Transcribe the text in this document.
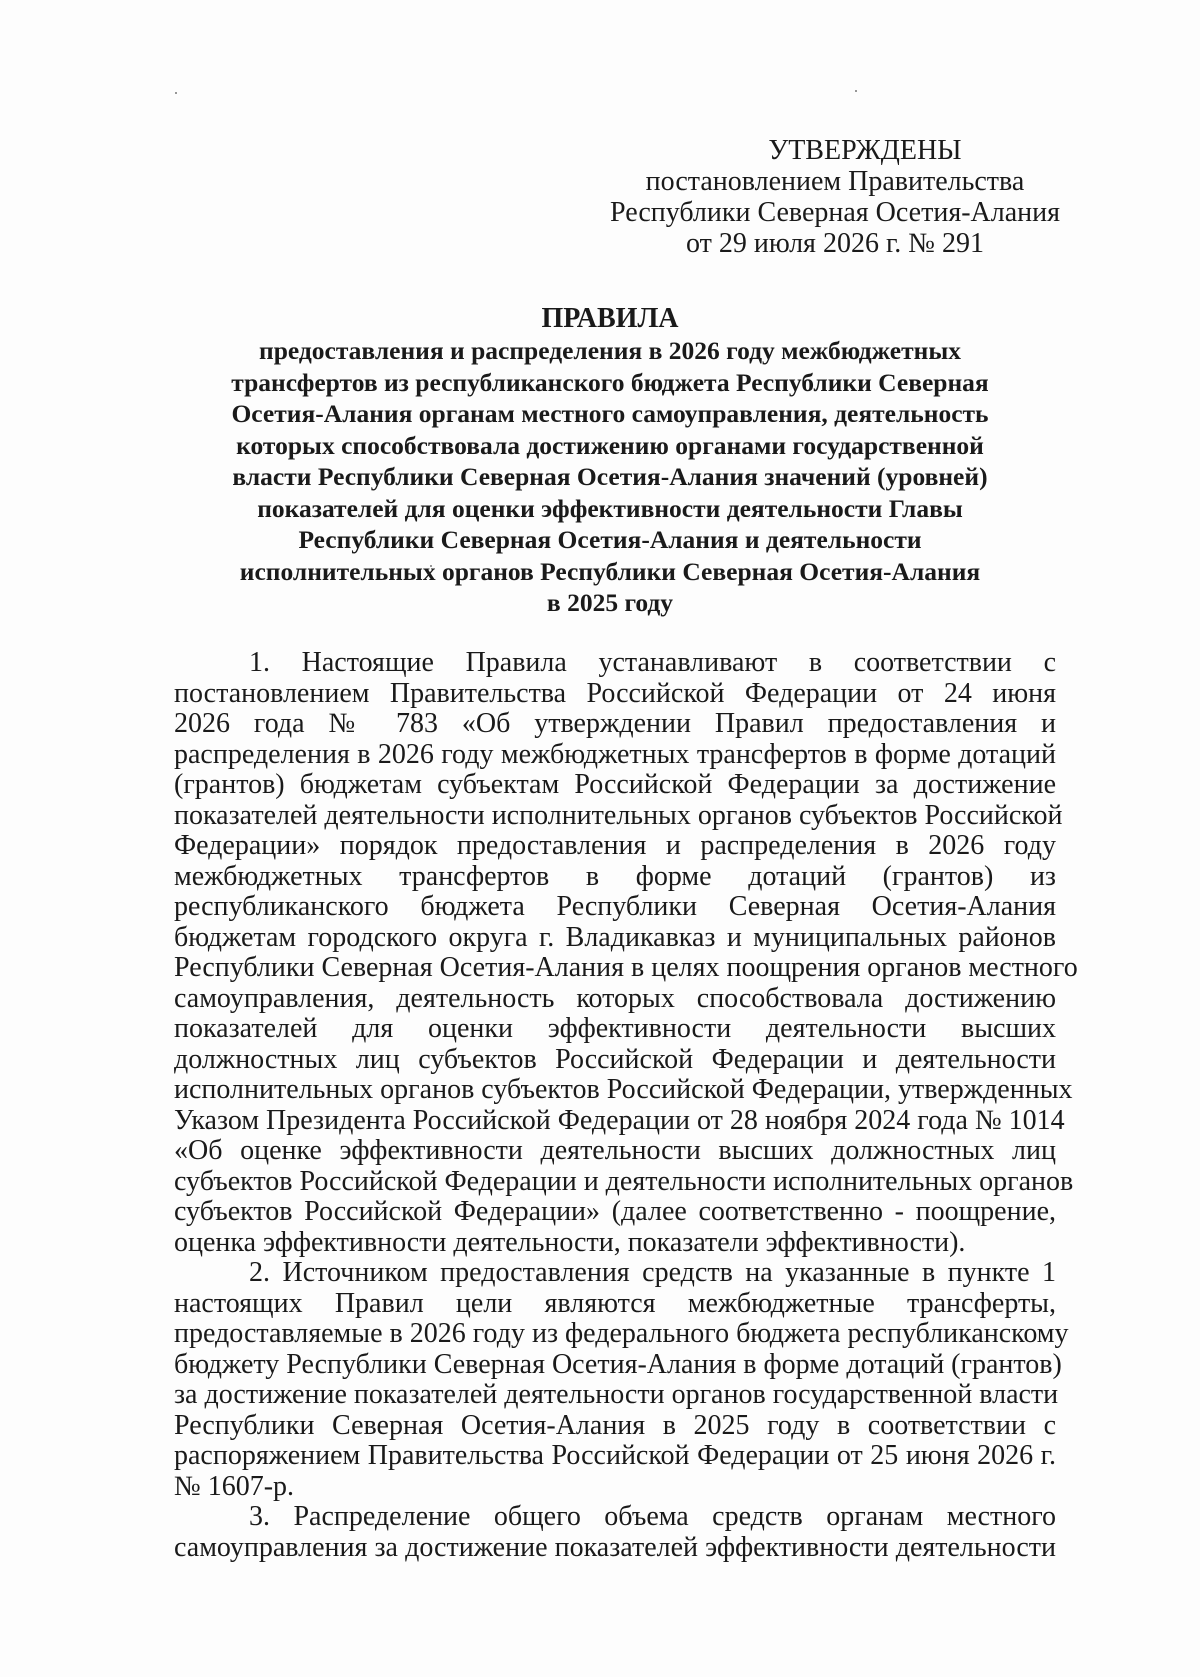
УТВЕРЖДЕНЫ
постановлением Правительства
Республики Северная Осетия-Алания
от 29 июля 2026 г. № 291
ПРАВИЛА
предоставления и распределения в 2026 году межбюджетных
трансфертов из республиканского бюджета Республики Северная
Осетия-Алания органам местного самоуправления, деятельность
которых способствовала достижению органами государственной
власти Республики Северная Осетия-Алания значений (уровней)
показателей для оценки эффективности деятельности Главы
Республики Северная Осетия-Алания и деятельности
исполнительных органов Республики Северная Осетия-Алания
в 2025 году

1. Настоящие Правила устанавливают в соответствии с
постановлением Правительства Российской Федерации от 24 июня
2026 года № 783 «Об утверждении Правил предоставления и
распределения в 2026 году межбюджетных трансфертов в форме дотаций
(грантов) бюджетам субъектам Российской Федерации за достижение
показателей деятельности исполнительных органов субъектов Российской
Федерации» порядок предоставления и распределения в 2026 году
межбюджетных трансфертов в форме дотаций (грантов) из
республиканского бюджета Республики Северная Осетия-Алания
бюджетам городского округа г. Владикавказ и муниципальных районов
Республики Северная Осетия-Алания в целях поощрения органов местного
самоуправления, деятельность которых способствовала достижению
показателей для оценки эффективности деятельности высших
должностных лиц субъектов Российской Федерации и деятельности
исполнительных органов субъектов Российской Федерации, утвержденных
Указом Президента Российской Федерации от 28 ноября 2024 года № 1014
«Об оценке эффективности деятельности высших должностных лиц
субъектов Российской Федерации и деятельности исполнительных органов
субъектов Российской Федерации» (далее соответственно - поощрение,
оценка эффективности деятельности, показатели эффективности).

2. Источником предоставления средств на указанные в пункте 1
настоящих Правил цели являются межбюджетные трансферты,
предоставляемые в 2026 году из федерального бюджета республиканскому
бюджету Республики Северная Осетия-Алания в форме дотаций (грантов)
за достижение показателей деятельности органов государственной власти
Республики Северная Осетия-Алания в 2025 году в соответствии с
распоряжением Правительства Российской Федерации от 25 июня 2026 г.
№ 1607-р.

3. Распределение общего объема средств органам местного
самоуправления за достижение показателей эффективности деятельности
